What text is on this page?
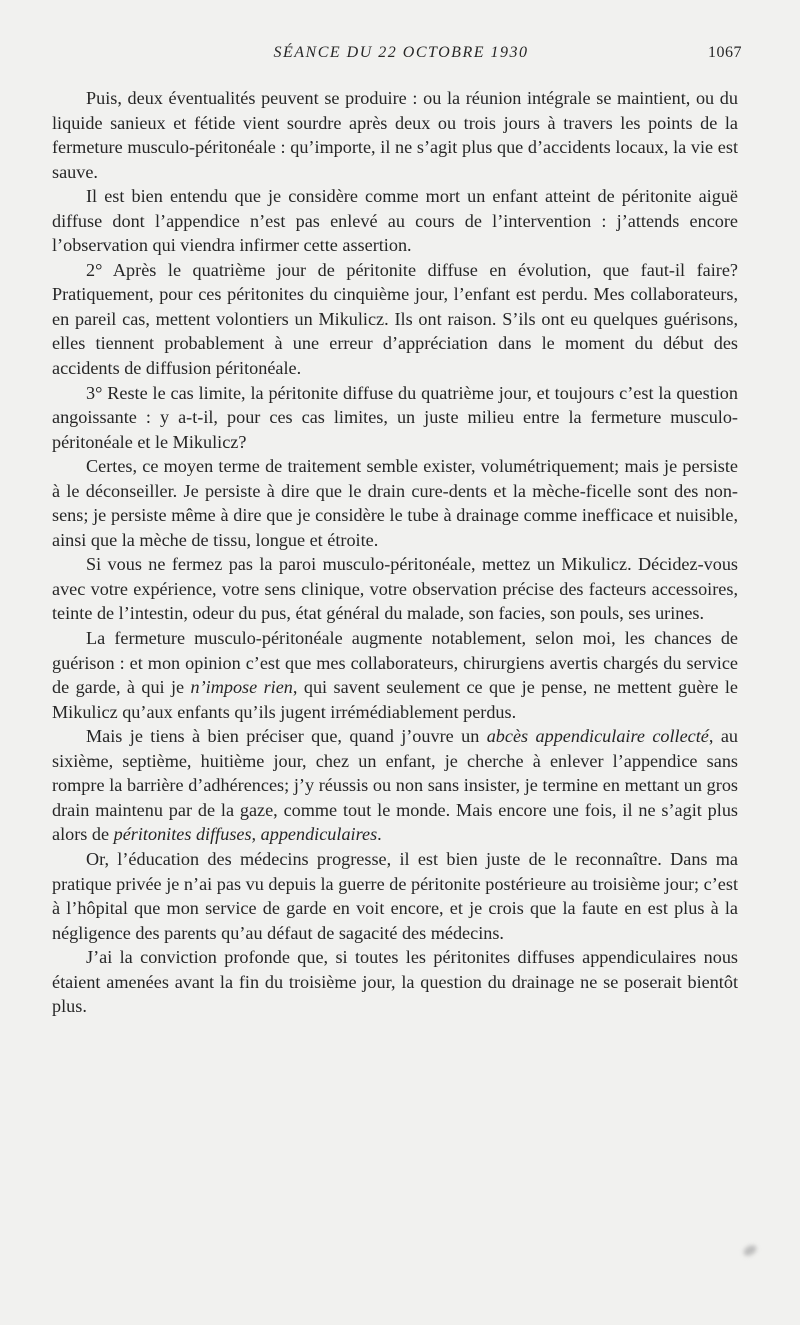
SÉANCE DU 22 OCTOBRE 1930	1067

Puis, deux éventualités peuvent se produire : ou la réunion intégrale se maintient, ou du liquide sanieux et fétide vient sourdre après deux ou trois jours à travers les points de la fermeture musculo-péritonéale : qu’importe, il ne s’agit plus que d’accidents locaux, la vie est sauve.

Il est bien entendu que je considère comme mort un enfant atteint de péritonite aiguë diffuse dont l’appendice n’est pas enlevé au cours de l’intervention : j’attends encore l’observation qui viendra infirmer cette assertion.

2° Après le quatrième jour de péritonite diffuse en évolution, que faut-il faire? Pratiquement, pour ces péritonites du cinquième jour, l’enfant est perdu. Mes collaborateurs, en pareil cas, mettent volontiers un Mikulicz. Ils ont raison. S’ils ont eu quelques guérisons, elles tiennent probablement à une erreur d’appréciation dans le moment du début des accidents de diffusion péritonéale.

3° Reste le cas limite, la péritonite diffuse du quatrième jour, et toujours c’est la question angoissante : y a-t-il, pour ces cas limites, un juste milieu entre la fermeture musculo-péritonéale et le Mikulicz?

Certes, ce moyen terme de traitement semble exister, volumétriquement; mais je persiste à le déconseiller. Je persiste à dire que le drain cure-dents et la mèche-ficelle sont des non-sens; je persiste même à dire que je considère le tube à drainage comme inefficace et nuisible, ainsi que la mèche de tissu, longue et étroite.

Si vous ne fermez pas la paroi musculo-péritonéale, mettez un Mikulicz. Décidez-vous avec votre expérience, votre sens clinique, votre observation précise des facteurs accessoires, teinte de l’intestin, odeur du pus, état général du malade, son facies, son pouls, ses urines.

La fermeture musculo-péritonéale augmente notablement, selon moi, les chances de guérison : et mon opinion c’est que mes collaborateurs, chirurgiens avertis chargés du service de garde, à qui je n’impose rien, qui savent seulement ce que je pense, ne mettent guère le Mikulicz qu’aux enfants qu’ils jugent irrémédiablement perdus.

Mais je tiens à bien préciser que, quand j’ouvre un abcès appendiculaire collecté, au sixième, septième, huitième jour, chez un enfant, je cherche à enlever l’appendice sans rompre la barrière d’adhérences; j’y réussis ou non sans insister, je termine en mettant un gros drain maintenu par de la gaze, comme tout le monde. Mais encore une fois, il ne s’agit plus alors de péritonites diffuses, appendiculaires.

Or, l’éducation des médecins progresse, il est bien juste de le reconnaître. Dans ma pratique privée je n’ai pas vu depuis la guerre de péritonite postérieure au troisième jour; c’est à l’hôpital que mon service de garde en voit encore, et je crois que la faute en est plus à la négligence des parents qu’au défaut de sagacité des médecins.

J’ai la conviction profonde que, si toutes les péritonites diffuses appendiculaires nous étaient amenées avant la fin du troisième jour, la question du drainage ne se poserait bientôt plus.
